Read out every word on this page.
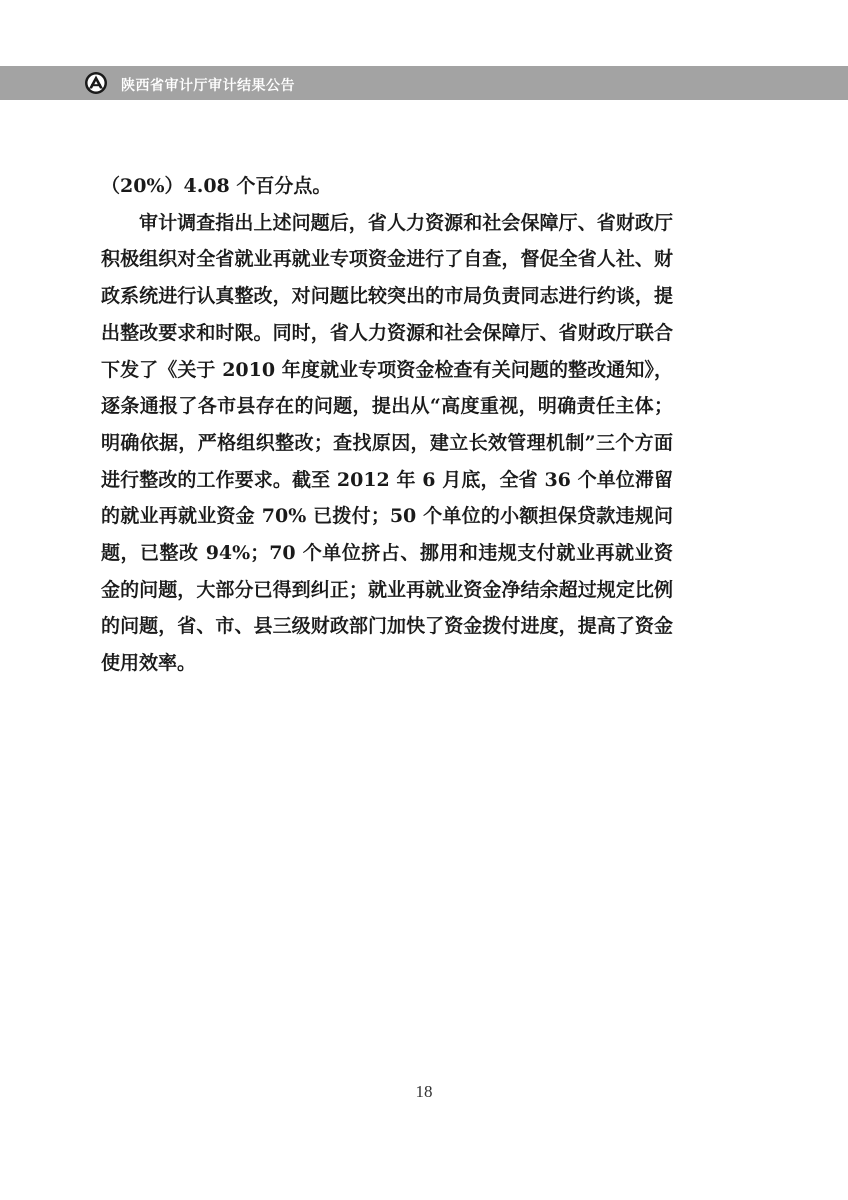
陕西省审计厅审计结果公告

（20%）4.08 个百分点。

审计调查指出上述问题后，省人力资源和社会保障厅、省财政厅积极组织对全省就业再就业专项资金进行了自查，督促全省人社、财政系统进行认真整改，对问题比较突出的市局负责同志进行约谈，提出整改要求和时限。同时，省人力资源和社会保障厅、省财政厅联合下发了《关于 2010 年度就业专项资金检查有关问题的整改通知》，逐条通报了各市县存在的问题，提出从“高度重视，明确责任主体；明确依据，严格组织整改；查找原因，建立长效管理机制”三个方面进行整改的工作要求。截至 2012 年 6 月底，全省 36 个单位滞留的就业再就业资金 70% 已拨付；50 个单位的小额担保贷款违规问题，已整改 94%；70 个单位挤占、挪用和违规支付就业再就业资金的问题，大部分已得到纠正；就业再就业资金净结余超过规定比例的问题，省、市、县三级财政部门加快了资金拨付进度，提高了资金使用效率。

18
